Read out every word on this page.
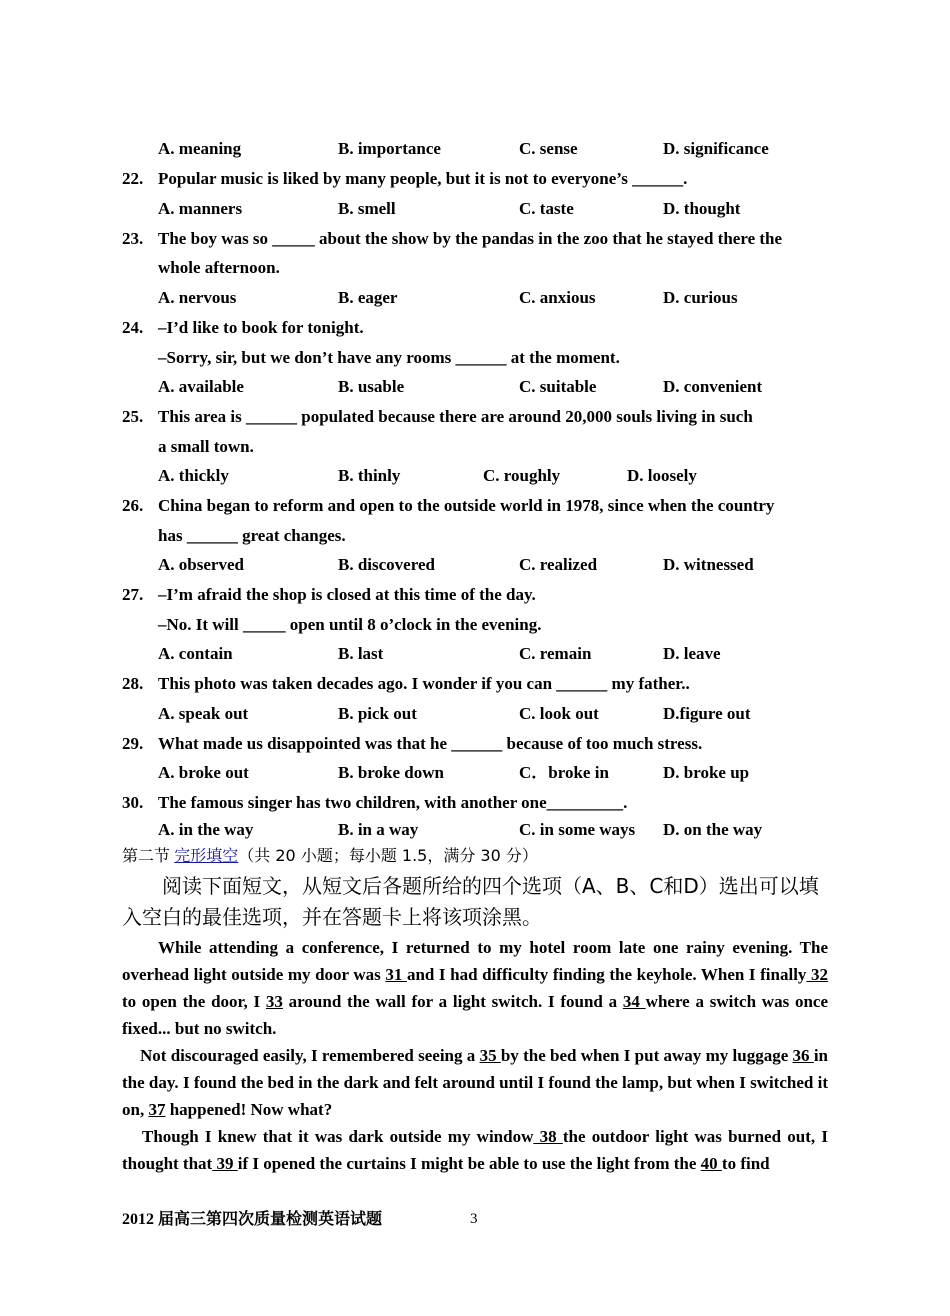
A. meaning	B. importance	C. sense	D. significance
22. Popular music is liked by many people, but it is not to everyone’s ______.
A. manners	B. smell	C. taste	D. thought
23. The boy was so _____ about the show by the pandas in the zoo that he stayed there the
whole afternoon.
A. nervous	B. eager	C. anxious	D. curious
24. –I’d like to book for tonight.
–Sorry, sir, but we don’t have any rooms ______ at the moment.
A. available	B. usable	C. suitable	D. convenient
25. This area is ______ populated because there are around 20,000 souls living in such
a small town.
A. thickly	B. thinly	C. roughly	D. loosely
26. China began to reform and open to the outside world in 1978, since when the country
has ______ great changes.
A. observed	B. discovered	C. realized	D. witnessed
27. –I’m afraid the shop is closed at this time of the day.
–No. It will _____ open until 8 o’clock in the evening.
A. contain	B. last	C. remain	D. leave
28. This photo was taken decades ago. I wonder if you can ______ my father..
A. speak out	B. pick out	C. look out	D.figure out
29. What made us disappointed was that he ______ because of too much stress.
A. broke out	B. broke down	C．broke in	D. broke up
30. The famous singer has two children, with another one_________.
A. in the way	B. in a way	C. in some ways D. on the way
第二节 完形填空（共 20 小题；每小题 1.5，满分 30 分）
阅读下面短文，从短文后各题所给的四个选项（A、B、C和D）选出可以填入空白的最佳选项，并在答题卡上将该项涂黑。
While attending a conference, I returned to my hotel room late one rainy evening. The overhead light outside my door was 31 and I had difficulty finding the keyhole. When I finally 32 to open the door, I 33 around the wall for a light switch. I found a 34 where a switch was once fixed... but no switch.
Not discouraged easily, I remembered seeing a 35 by the bed when I put away my luggage 36 in the day. I found the bed in the dark and felt around until I found the lamp, but when I switched it on, 37 happened! Now what?
Though I knew that it was dark outside my window 38 the outdoor light was burned out, I thought that 39 if I opened the curtains I might be able to use the light from the 40 to find
2012 届高三第四次质量检测英语试题	3
